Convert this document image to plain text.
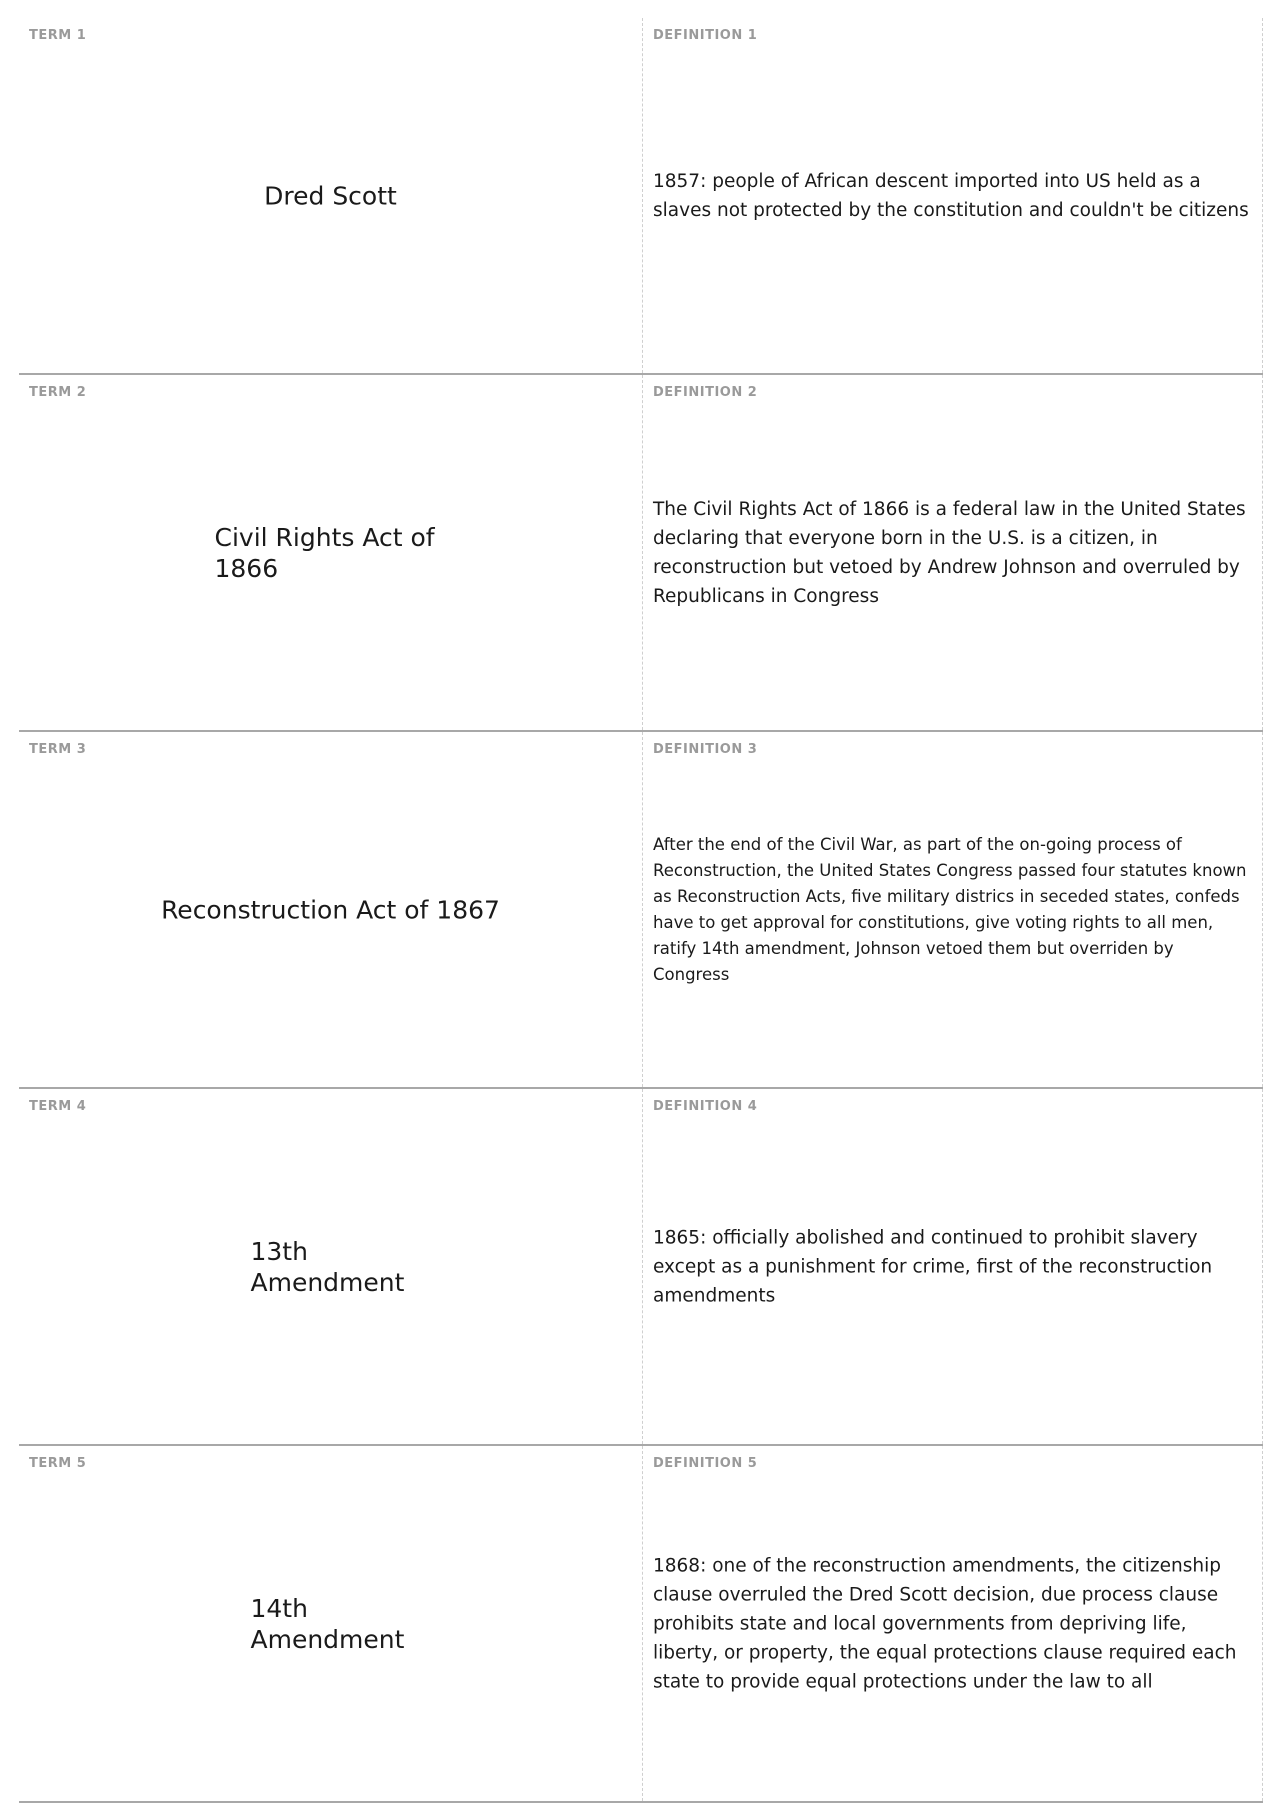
TERM 1
Dred Scott
DEFINITION 1
1857: people of African descent imported into US held as a slaves not protected by the constitution and couldn't be citizens
TERM 2
Civil Rights Act of 1866
DEFINITION 2
The Civil Rights Act of 1866 is a federal law in the United States declaring that everyone born in the U.S. is a citizen, in reconstruction but vetoed by Andrew Johnson and overruled by Republicans in Congress
TERM 3
Reconstruction Act of 1867
DEFINITION 3
After the end of the Civil War, as part of the on-going process of Reconstruction, the United States Congress passed four statutes known as Reconstruction Acts, five military districs in seceded states, confeds have to get approval for constitutions, give voting rights to all men, ratify 14th amendment, Johnson vetoed them but overriden by Congress
TERM 4
13th Amendment
DEFINITION 4
1865: officially abolished and continued to prohibit slavery except as a punishment for crime, first of the reconstruction amendments
TERM 5
14th Amendment
DEFINITION 5
1868: one of the reconstruction amendments, the citizenship clause overruled the Dred Scott decision, due process clause prohibits state and local governments from depriving life, liberty, or property, the equal protections clause required each state to provide equal protections under the law to all
